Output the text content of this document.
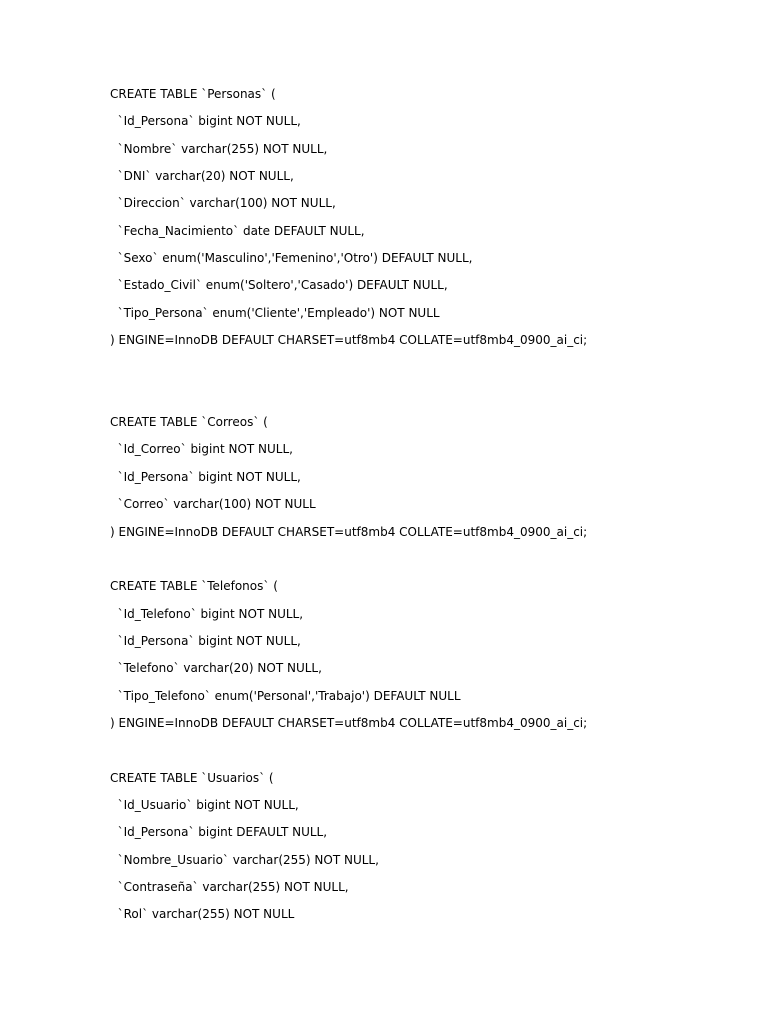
CREATE TABLE `Personas` (
`Id_Persona` bigint NOT NULL,
`Nombre` varchar(255) NOT NULL,
`DNI` varchar(20) NOT NULL,
`Direccion` varchar(100) NOT NULL,
`Fecha_Nacimiento` date DEFAULT NULL,
`Sexo` enum('Masculino','Femenino','Otro') DEFAULT NULL,
`Estado_Civil` enum('Soltero','Casado') DEFAULT NULL,
`Tipo_Persona` enum('Cliente','Empleado') NOT NULL
) ENGINE=InnoDB DEFAULT CHARSET=utf8mb4 COLLATE=utf8mb4_0900_ai_ci;
CREATE TABLE `Correos` (
`Id_Correo` bigint NOT NULL,
`Id_Persona` bigint NOT NULL,
`Correo` varchar(100) NOT NULL
) ENGINE=InnoDB DEFAULT CHARSET=utf8mb4 COLLATE=utf8mb4_0900_ai_ci;
CREATE TABLE `Telefonos` (
`Id_Telefono` bigint NOT NULL,
`Id_Persona` bigint NOT NULL,
`Telefono` varchar(20) NOT NULL,
`Tipo_Telefono` enum('Personal','Trabajo') DEFAULT NULL
) ENGINE=InnoDB DEFAULT CHARSET=utf8mb4 COLLATE=utf8mb4_0900_ai_ci;
CREATE TABLE `Usuarios` (
`Id_Usuario` bigint NOT NULL,
`Id_Persona` bigint DEFAULT NULL,
`Nombre_Usuario` varchar(255) NOT NULL,
`Contraseña` varchar(255) NOT NULL,
`Rol` varchar(255) NOT NULL
